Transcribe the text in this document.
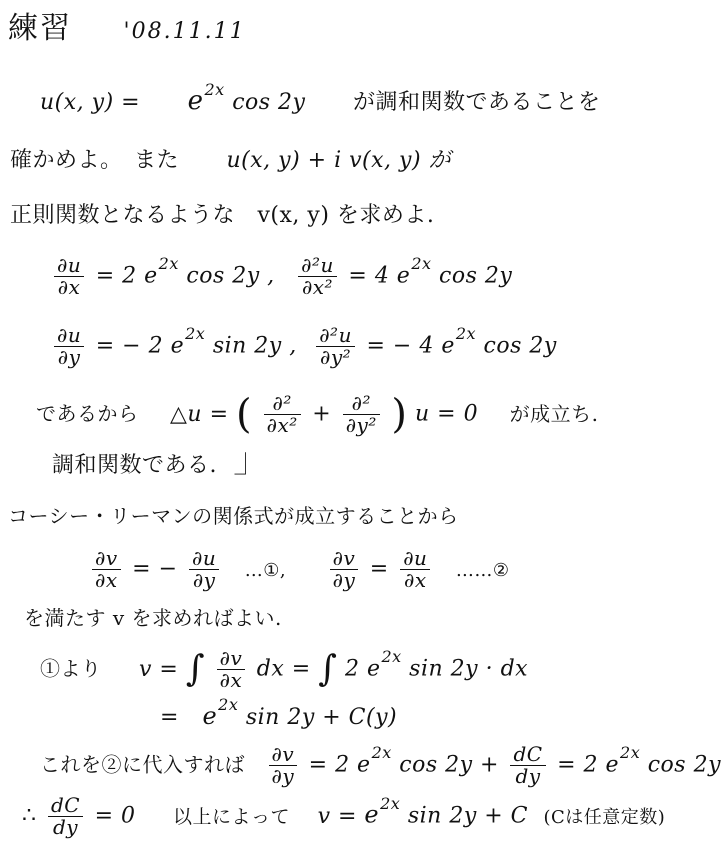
練習 '08.11.11
u(x, $y) = e^{2x}$ cos 2y が調和関数であることを
確かめよ。　また u(x, y) + i v(x, y) が
正則関数となるような　v(x, y) を求めよ.
$\frac{\partial u}{\partial x} = 2$ $e^{2x}$ cos 2y , $\frac{\text{∂²u}}{\text{∂x²}} = 4$ $e^{2x}$ cos 2y
$\frac{\partial u}{\partial y}$ = − 2 $e^{2x}$ sin 2y , $\frac{\text{∂²u}}{\text{∂y²}}$ = − 4 $e^{2x}$ cos 2y
であるから △u = ( $\frac{\text{∂²}}{\text{∂x²}} + \frac{\text{∂²}}{\text{∂y²}}$ ) u = 0 が成立ち.
調和関数である. ⏌
コーシー・リーマンの関係式が成立することから
$\frac{\partial v}{\partial x}$ = − $\frac{\partial u}{\partial y}$ …①, $\frac{\partial v}{\partial y} = \frac{\partial u}{\partial x}$ ……②
を満たす v を求めればよい.
①より v = ∫ $\frac{\partial v}{\partial x}$ dx = ∫ 2 $e^{2x}$ sin 2y · dx
= $e^{2x}$ sin 2y + C(y)
これを②に代入すれば $\frac{\partial v}{\partial y} = 2$ $e^{2x}$ $\cos 2y + \frac{dC}{dy} = 2$ $e^{2x}$ cos 2y
∴ $\frac{dC}{dy} = 0$ 以上によって $v = e^{2x}$ sin 2y + C (Cは任意定数)
